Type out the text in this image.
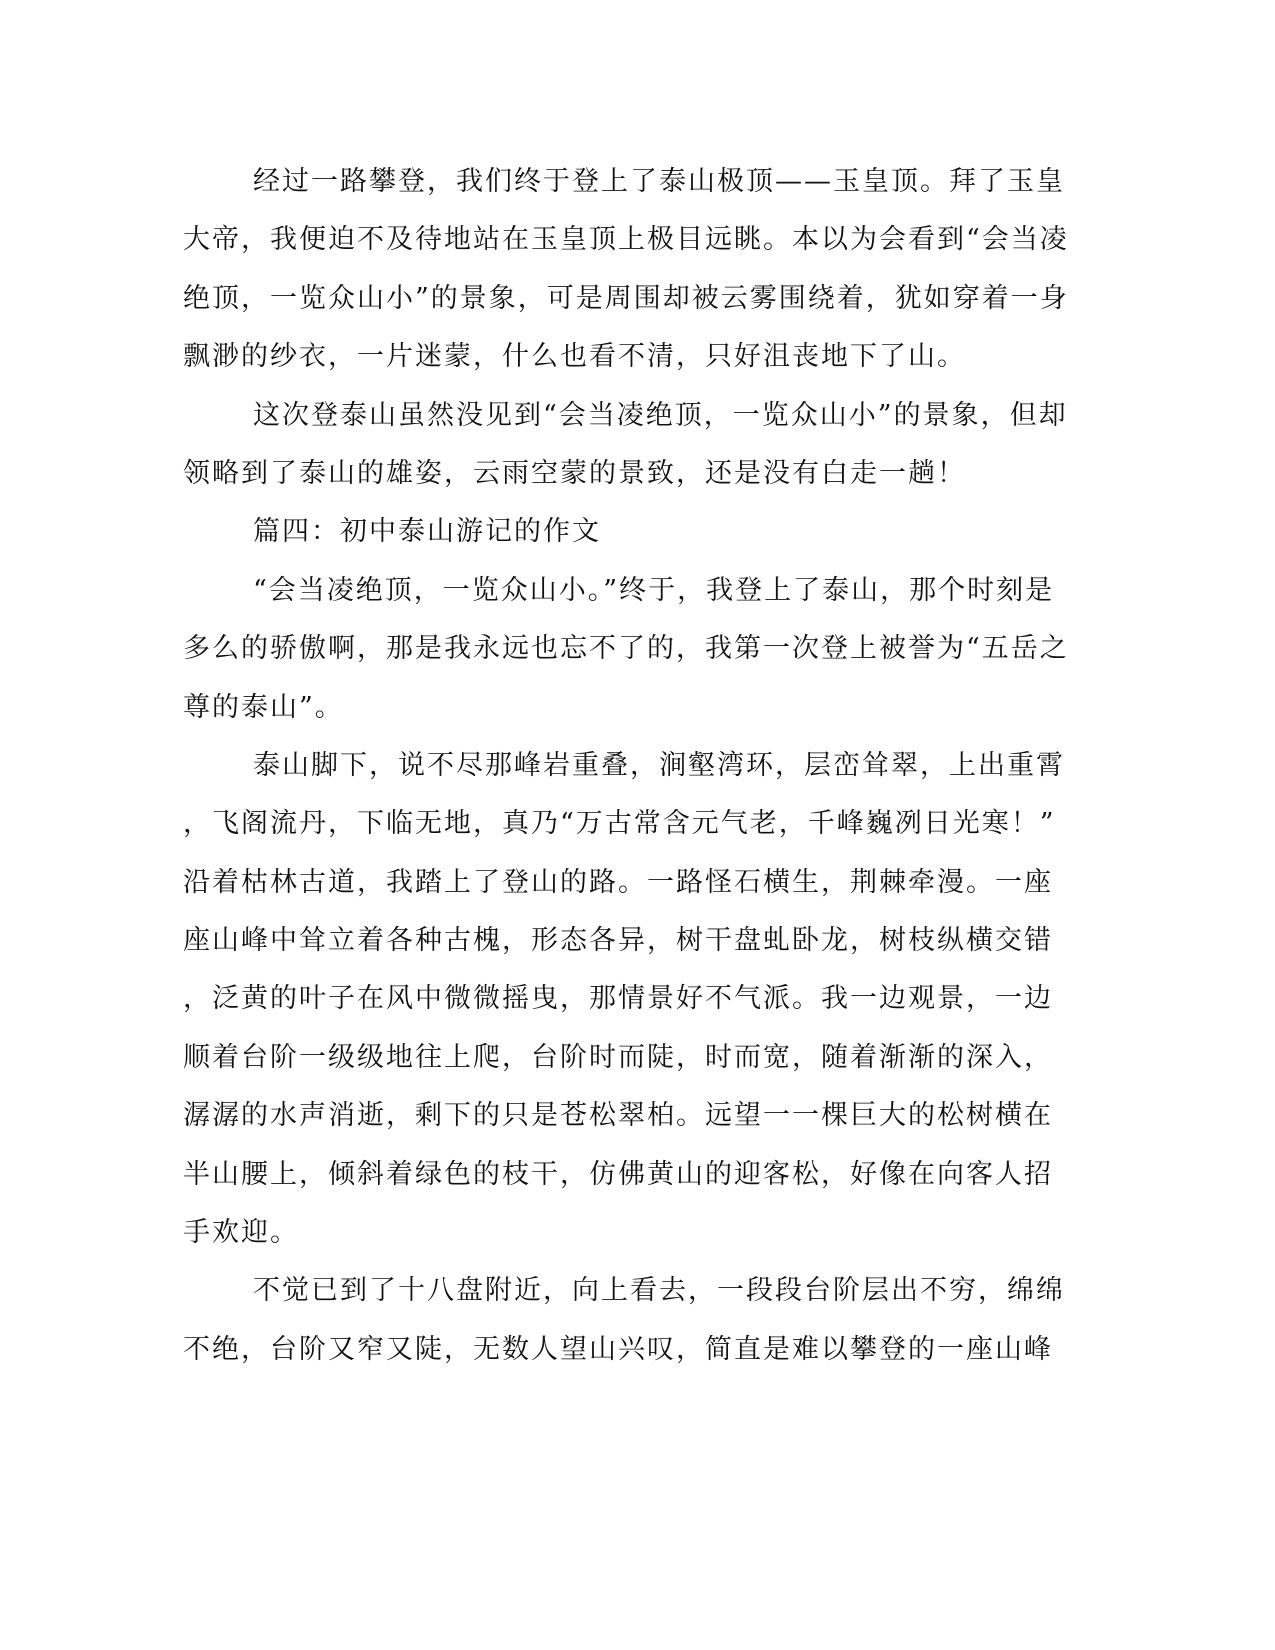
经过一路攀登，我们终于登上了泰山极顶——玉皇顶。拜了玉皇
大帝，我便迫不及待地站在玉皇顶上极目远眺。本以为会看到“会当凌
绝顶，一览众山小”的景象，可是周围却被云雾围绕着，犹如穿着一身
飘渺的纱衣，一片迷蒙，什么也看不清，只好沮丧地下了山。
这次登泰山虽然没见到“会当凌绝顶，一览众山小”的景象，但却
领略到了泰山的雄姿，云雨空蒙的景致，还是没有白走一趟！
篇四：初中泰山游记的作文
“会当凌绝顶，一览众山小。”终于，我登上了泰山，那个时刻是
多么的骄傲啊，那是我永远也忘不了的，我第一次登上被誉为“五岳之
尊的泰山”。
泰山脚下，说不尽那峰岩重叠，涧壑湾环，层峦耸翠，上出重霄
，飞阁流丹，下临无地，真乃“万古常含元气老，千峰巍冽日光寒！”
沿着枯林古道，我踏上了登山的路。一路怪石横生，荆棘牵漫。一座
座山峰中耸立着各种古槐，形态各异，树干盘虬卧龙，树枝纵横交错
，泛黄的叶子在风中微微摇曳，那情景好不气派。我一边观景，一边
顺着台阶一级级地往上爬，台阶时而陡，时而宽，随着渐渐的深入，
潺潺的水声消逝，剩下的只是苍松翠柏。远望一一棵巨大的松树横在
半山腰上，倾斜着绿色的枝干，仿佛黄山的迎客松，好像在向客人招
手欢迎。
不觉已到了十八盘附近，向上看去，一段段台阶层出不穷，绵绵
不绝，台阶又窄又陡，无数人望山兴叹，简直是难以攀登的一座山峰
